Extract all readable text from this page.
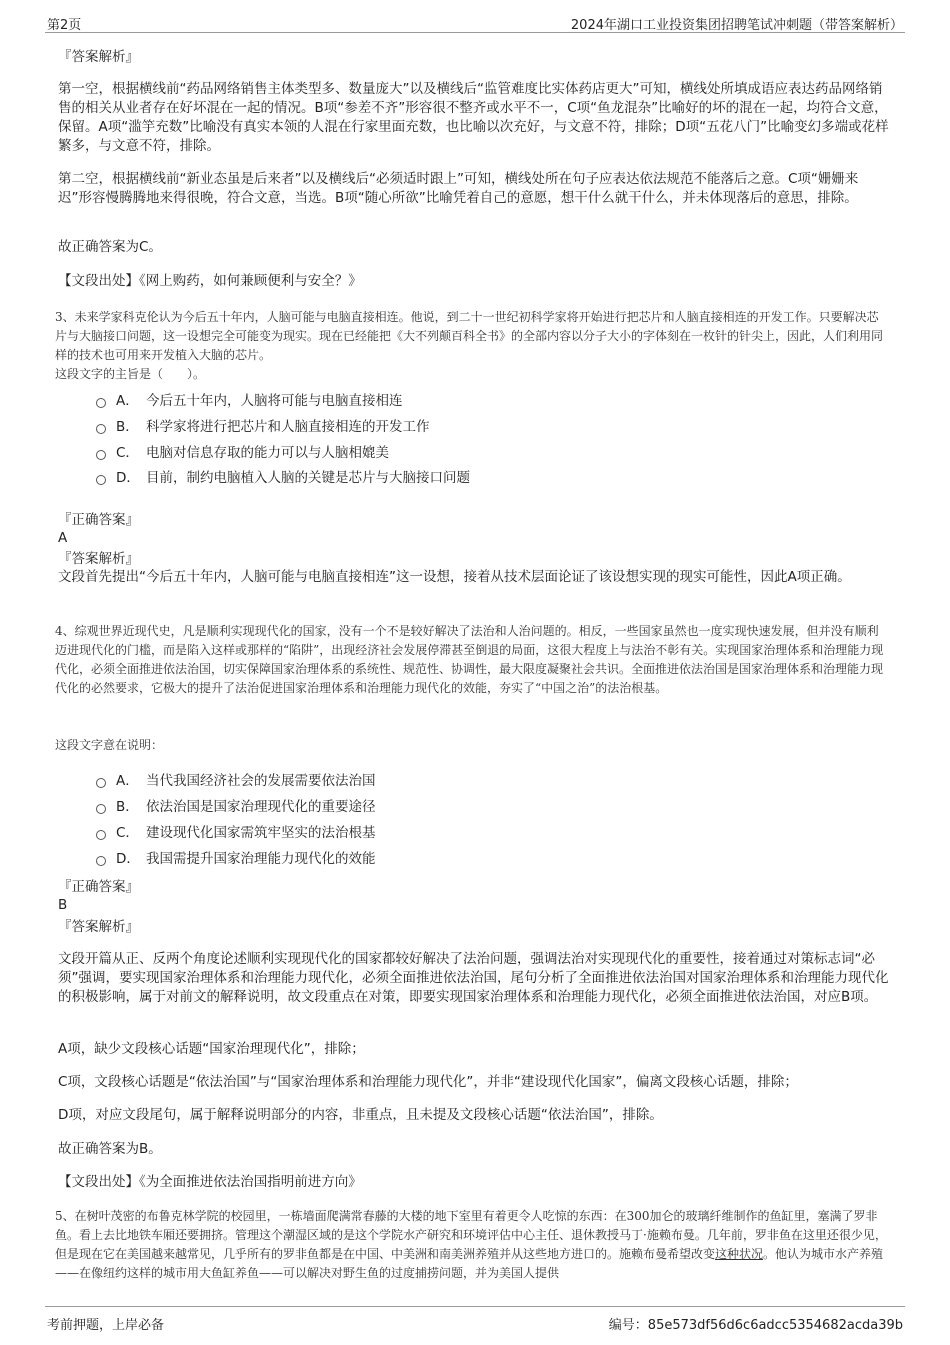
第2页	2024年湖口工业投资集团招聘笔试冲刺题（带答案解析）
『答案解析』

第一空，根据横线前“药品网络销售主体类型多、数量庞大”以及横线后“监管难度比实体药店更大”可知，横线处所填成语应表达药品网络销售的相关从业者存在好坏混在一起的情况。B项“参差不齐”形容很不整齐或水平不一，C项“鱼龙混杂”比喻好的坏的混在一起，均符合文意，保留。A项“滥竽充数”比喻没有真实本领的人混在行家里面充数，也比喻以次充好，与文意不符，排除；D项“五花八门”比喻变幻多端或花样繁多，与文意不符，排除。

第二空，根据横线前“新业态虽是后来者”以及横线后“必须适时跟上”可知，横线处所在句子应表达依法规范不能落后之意。C项“姗姗来迟”形容慢腾腾地来得很晚，符合文意，当选。B项“随心所欲”比喻凭着自己的意愿，想干什么就干什么，并未体现落后的意思，排除。

故正确答案为C。
【文段出处】《网上购药，如何兼顾便利与安全？》

3、未来学家科克伦认为今后五十年内，人脑可能与电脑直接相连。他说，到二十一世纪初科学家将开始进行把芯片和人脑直接相连的开发工作。只要解决芯片与大脑接口问题，这一设想完全可能变为现实。现在已经能把《大不列颠百科全书》的全部内容以分子大小的字体刻在一枚针的针尖上，因此，人们利用同样的技术也可用来开发植入大脑的芯片。

这段文字的主旨是（　　）。

A． 今后五十年内，人脑将可能与电脑直接相连
B． 科学家将进行把芯片和人脑直接相连的开发工作
C． 电脑对信息存取的能力可以与人脑相媲美
D． 目前，制约电脑植入人脑的关键是芯片与大脑接口问题
『正确答案』
A
『答案解析』

文段首先提出“今后五十年内，人脑可能与电脑直接相连”这一设想，接着从技术层面论证了该设想实现的现实可能性，因此A项正确。

4、综观世界近现代史，凡是顺利实现现代化的国家，没有一个不是较好解决了法治和人治问题的。相反，一些国家虽然也一度实现快速发展，但并没有顺利迈进现代化的门槛，而是陷入这样或那样的“陷阱”，出现经济社会发展停滞甚至倒退的局面，这很大程度上与法治不彰有关。实现国家治理体系和治理能力现代化，必须全面推进依法治国，切实保障国家治理体系的系统性、规范性、协调性，最大限度凝聚社会共识。全面推进依法治国是国家治理体系和治理能力现代化的必然要求，它极大的提升了法治促进国家治理体系和治理能力现代化的效能，夯实了“中国之治”的法治根基。

这段文字意在说明：
A． 当代我国经济社会的发展需要依法治国
B． 依法治国是国家治理现代化的重要途径
C． 建设现代化国家需筑牢坚实的法治根基
D． 我国需提升国家治理能力现代化的效能
『正确答案』
B
『答案解析』

文段开篇从正、反两个角度论述顺利实现现代化的国家都较好解决了法治问题，强调法治对实现现代化的重要性，接着通过对策标志词“必须”强调，要实现国家治理体系和治理能力现代化，必须全面推进依法治国，尾句分析了全面推进依法治国对国家治理体系和治理能力现代化的积极影响，属于对前文的解释说明，故文段重点在对策，即要实现国家治理体系和治理能力现代化，必须全面推进依法治国，对应B项。

A项，缺少文段核心话题“国家治理现代化”，排除；
C项，文段核心话题是“依法治国”与“国家治理体系和治理能力现代化”，并非“建设现代化国家”，偏离文段核心话题，排除；
D项，对应文段尾句，属于解释说明部分的内容，非重点，且未提及文段核心话题“依法治国”，排除。
故正确答案为B。
【文段出处】《为全面推进依法治国指明前进方向》

5、在树叶茂密的布鲁克林学院的校园里，一栋墙面爬满常春藤的大楼的地下室里有着更令人吃惊的东西：在300加仑的玻璃纤维制作的鱼缸里，塞满了罗非鱼。看上去比地铁车厢还要拥挤。管理这个潮湿区域的是这个学院水产研究和环境评估中心主任、退休教授马丁·施赖布曼。几年前，罗非鱼在这里还很少见，但是现在它在美国越来越常见，几乎所有的罗非鱼都是在中国、中美洲和南美洲养殖并从这些地方进口的。施赖布曼希望改变这种状况。他认为城市水产养殖——在像纽约这样的城市用大鱼缸养鱼——可以解决对野生鱼的过度捕捞问题，并为美国人提供

考前押题，上岸必备	编号：85e573df56d6c6adcc5354682acda39b
